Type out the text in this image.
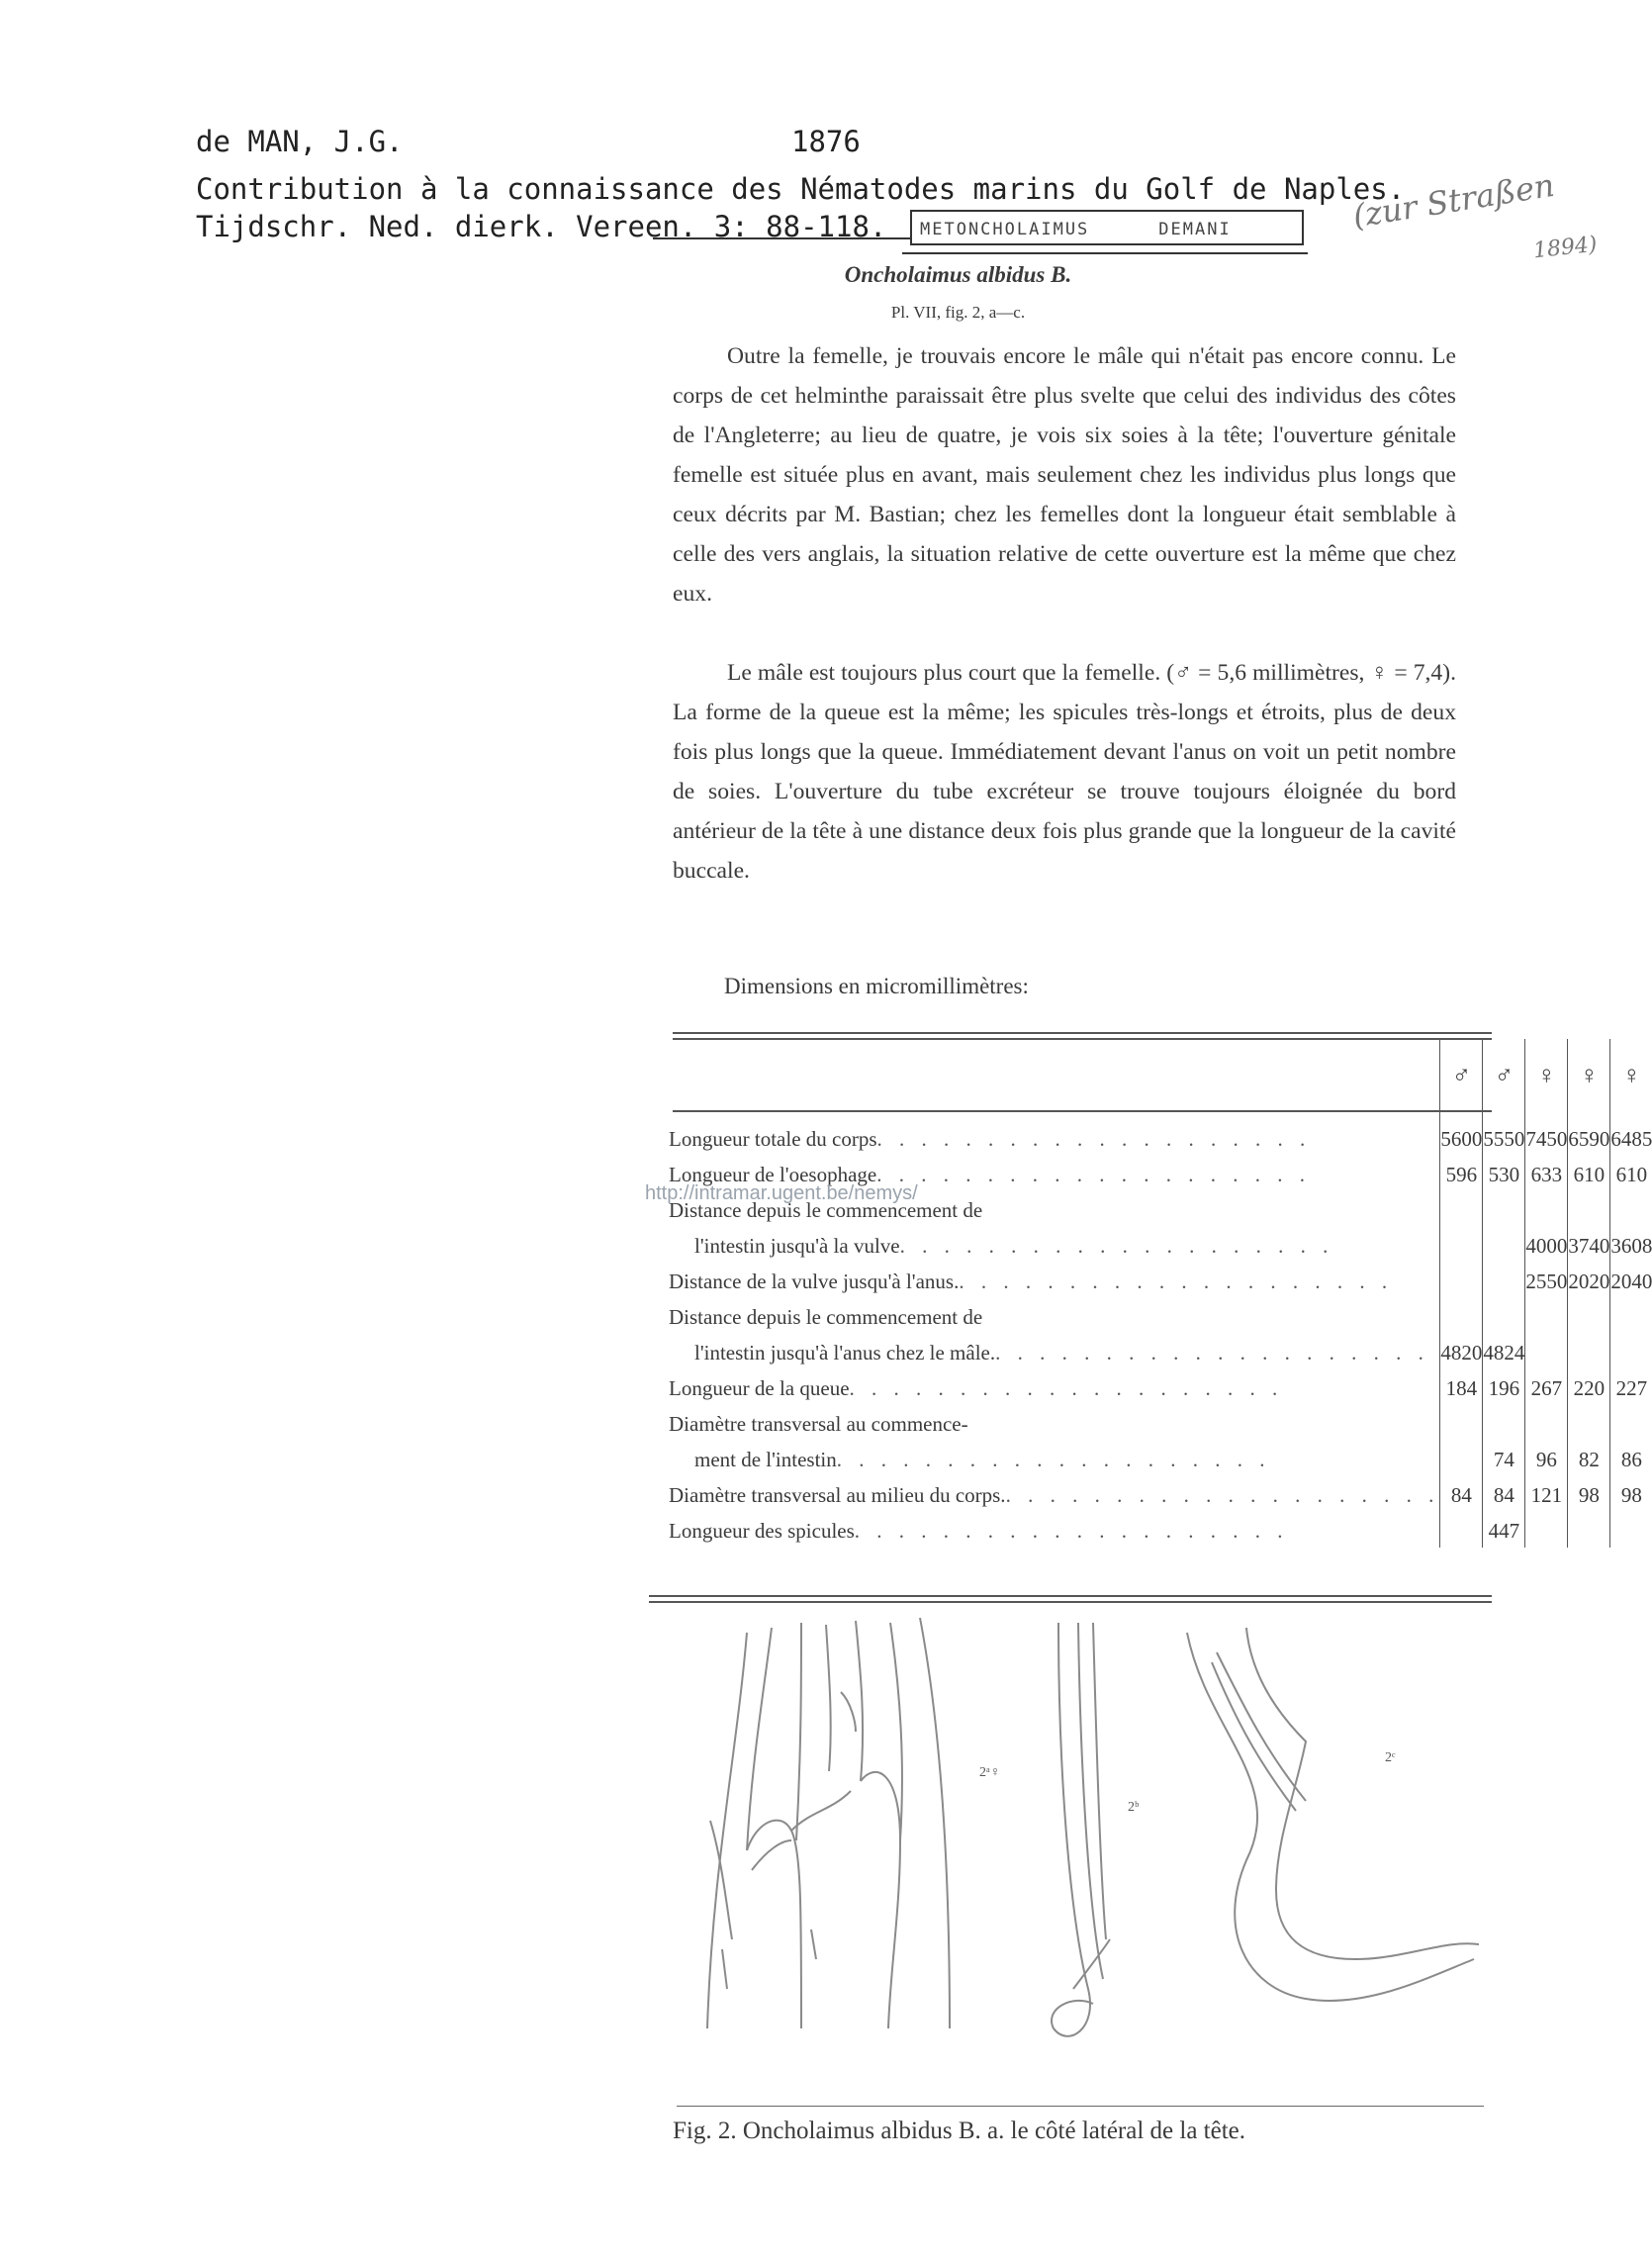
de MAN, J.G.	1876
Contribution à la connaissance des Nématodes marins du Golf de Naples.
Tijdschr. Ned. dierk. Vereen. 3: 88-118. METONCHOLAIMUS	DEMANI	(zur Straßen
1894)
Oncholaimus albidus B.
Pl. VII, fig. 2, a—c.
Outre la femelle, je trouvais encore le mâle qui n'était pas encore connu. Le corps de cet helminthe paraissait être plus svelte que celui des individus des côtes de l'Angleterre; au lieu de quatre, je vois six soies à la tête; l'ouverture génitale femelle est située plus en avant, mais seulement chez les individus plus longs que ceux décrits par M. Bastian; chez les femelles dont la longueur était semblable à celle des vers anglais, la situation relative de cette ouverture est la même que chez eux.
Le mâle est toujours plus court que la femelle. (♂ = 5,6 millimètres, ♀ = 7,4). La forme de la queue est la même; les spicules très-longs et étroits, plus de deux fois plus longs que la queue. Immédiatement devant l'anus on voit un petit nombre de soies. L'ouverture du tube excréteur se trouve toujours éloignée du bord antérieur de la tête à une distance deux fois plus grande que la longueur de la cavité buccale.
Dimensions en micromillimètres:
	♂	♂	♀	♀	♀

Longueur totale du corps . . . . . . . . . . . . . . . . . . . .	5600	5550	7450	6590	6485

Longueur de l'oesophage . . . . . . . . . . . . . . . . . . . .	596	530	633	610	610

Distance depuis le commencement de					

l'intestin jusqu'à la vulve . . . . . . . . . . . . . . . . . . . .			4000	3740	3608

Distance de la vulve jusqu'à l'anus. . . . . . . . . . . . . . . . . . . . .			2550	2020	2040

Distance depuis le commencement de					

l'intestin jusqu'à l'anus chez le mâle. . . . . . . . . . . . . . . . . . . . .	4820	4824			

Longueur de la queue . . . . . . . . . . . . . . . . . . . .	184	196	267	220	227

Diamètre transversal au commence-					

ment de l'intestin . . . . . . . . . . . . . . . . . . . .		74	96	82	86

Diamètre transversal au milieu du corps. . . . . . . . . . . . . . . . . . . . .	84	84	121	98	98

Longueur des spicules . . . . . . . . . . . . . . . . . . . .		447			
http://intramar.ugent.be/nemys/
2ᵃ♀
2ᵇ
2ᶜ
Fig. 2. Oncholaimus albidus B. a. le côté latéral de la tête.
